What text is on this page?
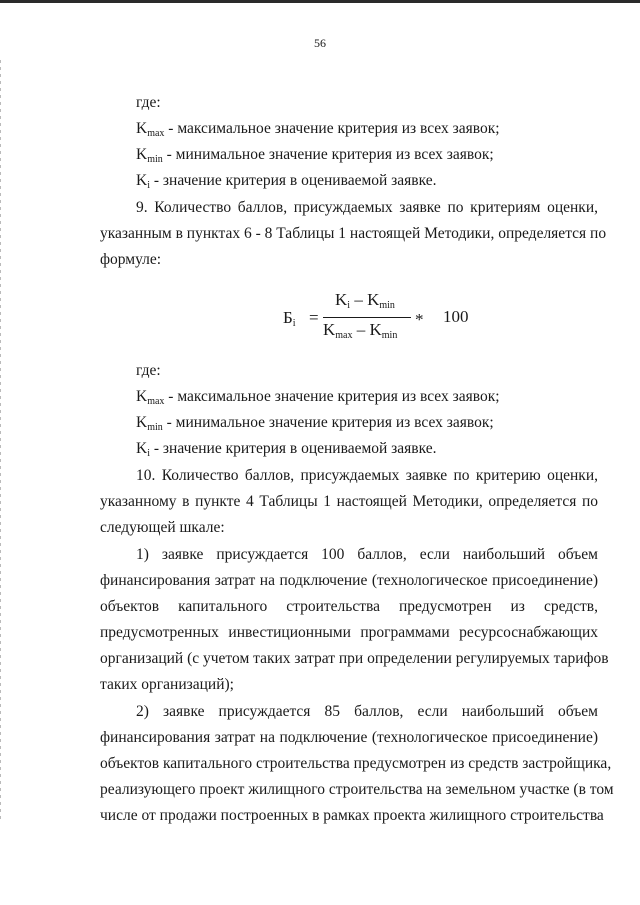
56
где:
$K_{max}$ - максимальное значение критерия из всех заявок;
$K_{min}$ - минимальное значение критерия из всех заявок;
$K_i$ - значение критерия в оцениваемой заявке.
9. Количество баллов, присуждаемых заявке по критериям оценки,
указанным в пунктах 6 - 8 Таблицы 1 настоящей Методики, определяется по
формуле:
$Б_i$ =
$K_i - K_{min}$
$K_{max} - K_{min}$
* 100
где:
$K_{max}$ - максимальное значение критерия из всех заявок;
$K_{min}$ - минимальное значение критерия из всех заявок;
$K_i$ - значение критерия в оцениваемой заявке.
10. Количество баллов, присуждаемых заявке по критерию оценки,
указанному в пункте 4 Таблицы 1 настоящей Методики, определяется по
следующей шкале:
1) заявке присуждается 100 баллов, если наибольший объем
финансирования затрат на подключение (технологическое присоединение)
объектов капитального строительства предусмотрен из средств,
предусмотренных инвестиционными программами ресурсоснабжающих
организаций (с учетом таких затрат при определении регулируемых тарифов
таких организаций);
2) заявке присуждается 85 баллов, если наибольший объем
финансирования затрат на подключение (технологическое присоединение)
объектов капитального строительства предусмотрен из средств застройщика,
реализующего проект жилищного строительства на земельном участке (в том
числе от продажи построенных в рамках проекта жилищного строительства
